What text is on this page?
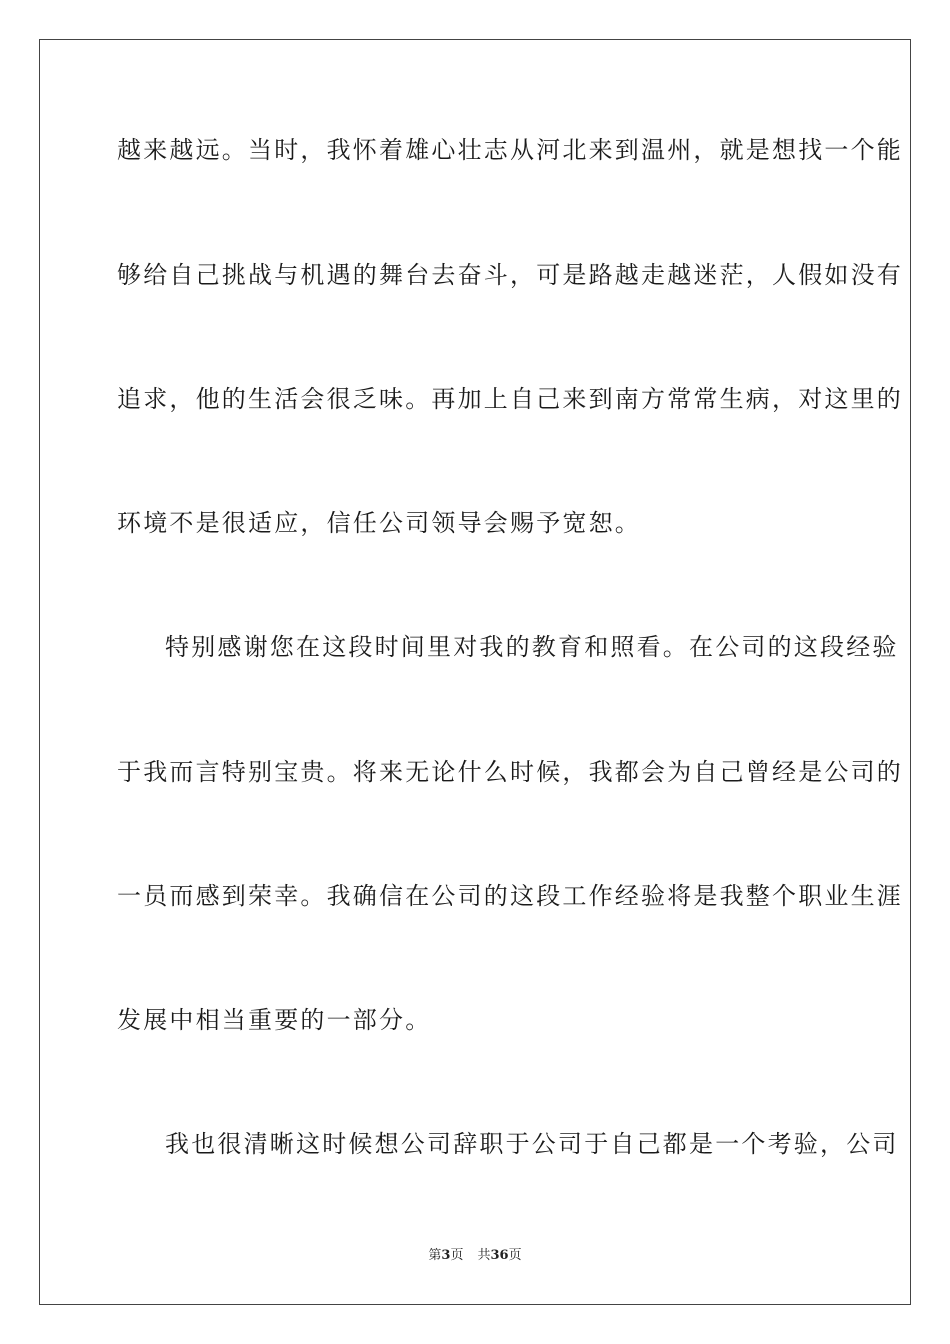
越来越远。当时，我怀着雄心壮志从河北来到温州，就是想找一个能
够给自己挑战与机遇的舞台去奋斗，可是路越走越迷茫，人假如没有
追求，他的生活会很乏味。再加上自己来到南方常常生病，对这里的
环境不是很适应，信任公司领导会赐予宽恕。
特别感谢您在这段时间里对我的教育和照看。在公司的这段经验
于我而言特别宝贵。将来无论什么时候，我都会为自己曾经是公司的
一员而感到荣幸。我确信在公司的这段工作经验将是我整个职业生涯
发展中相当重要的一部分。
我也很清晰这时候想公司辞职于公司于自己都是一个考验，公司
第3页 共36页
